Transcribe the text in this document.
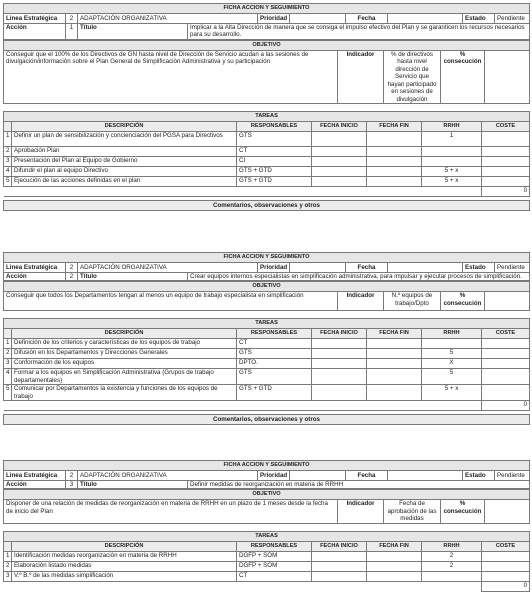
FICHA ACCION Y SEGUIMIENTO									
Linea Estratégica	2	ADAPTACIÓN ORGANIZATIVA		Prioridad		Fecha		Estado	Pendiente
Acción	1	Título	Implicar a la Alta Dirección de manera que se consiga el impulso efectivo del Plan y se garanticen los recursos necesarios para su desarrollo.						
OBJETIVO
Conseguir que el 100% de los Directivos de GN hasta nivel de Dirección de Servicio acudan a las sesiones de divulgación/información sobre el Plan General de Simplificación Administrativa y su participación	Indicador	% de directivos hasta nivel dirección de Servicio que hayan participado en sesiones de divulgación	% consecución	
TAREAS						
	DESCRIPCIÓN	RESPONSABLES	FECHA INICIO	FECHA FIN	RRHH	COSTE
1	Definir un plan de sensibilización y concienciación del PGSA para Directivos	GTS			1	
2	Aprobación Plan	CT				
3	Presentación del Plan al Equipo de Gobierno	CI				
4	Difundir el plan al equipo Directivo	GTS + GTD			5 + x	
5	Ejecución de las acciones definidas en el plan	GTS + GTD			5 + x	
						0

Comentarios, observaciones y otros						
FICHA ACCION Y SEGUIMIENTO									
Linea Estratégica	2	ADAPTACIÓN ORGANIZATIVA		Prioridad		Fecha		Estado	Pendiente
Acción	2	Título	Crear equipos internos especialistas en simplificación administrativa, para impulsar y ejecutar procesos de simplificación.						
OBJETIVO
Conseguir que todos los Departamentos tengan al menos un equipo de trabajo especialista en simplificación	Indicador	N.º equipos de trabajo/Dpto	% consecución	
TAREAS						
	DESCRIPCIÓN	RESPONSABLES	FECHA INICIO	FECHA FIN	RRHH	COSTE
1	Definición de los criterios y características de los equipos de trabajo	CT				
2	Difusión en los Departamentos y Direcciones Generales	GTS			5	
3	Conformación de los equipos	DPTO.			X	
4	Formar a los equipos en Simplificación Administrativa (Grupos de trabajo departamentales)	GTS			5	
5	Comunicar por Departamentos la existencia y funciones de los equipos de trabajo	GTS + GTD			5 + x	
						0

Comentarios, observaciones y otros						
FICHA ACCION Y SEGUIMIENTO									
Linea Estratégica	2	ADAPTACIÓN ORGANIZATIVA		Prioridad		Fecha		Estado	Pendiente
Acción	3	Título	Definir medidas de reorganización en materia de RRHH						
OBJETIVO
Disponer de una relación de medidas de reorganización en materia de RRHH en un plazo de 1 meses desde la fecha de inicio del Plan	Indicador	Fecha de aprobación de las medidas	% consecución	
TAREAS						
	DESCRIPCIÓN	RESPONSABLES	FECHA INICIO	FECHA FIN	RRHH	COSTE
1	Identificación medidas reorganización en materia de RRHH	DGFP + SOM			2	
2	Elaboración listado medidas	DGFP + SOM			2	
3	V.º B.º de las medidas simplificación	CT				
						0
